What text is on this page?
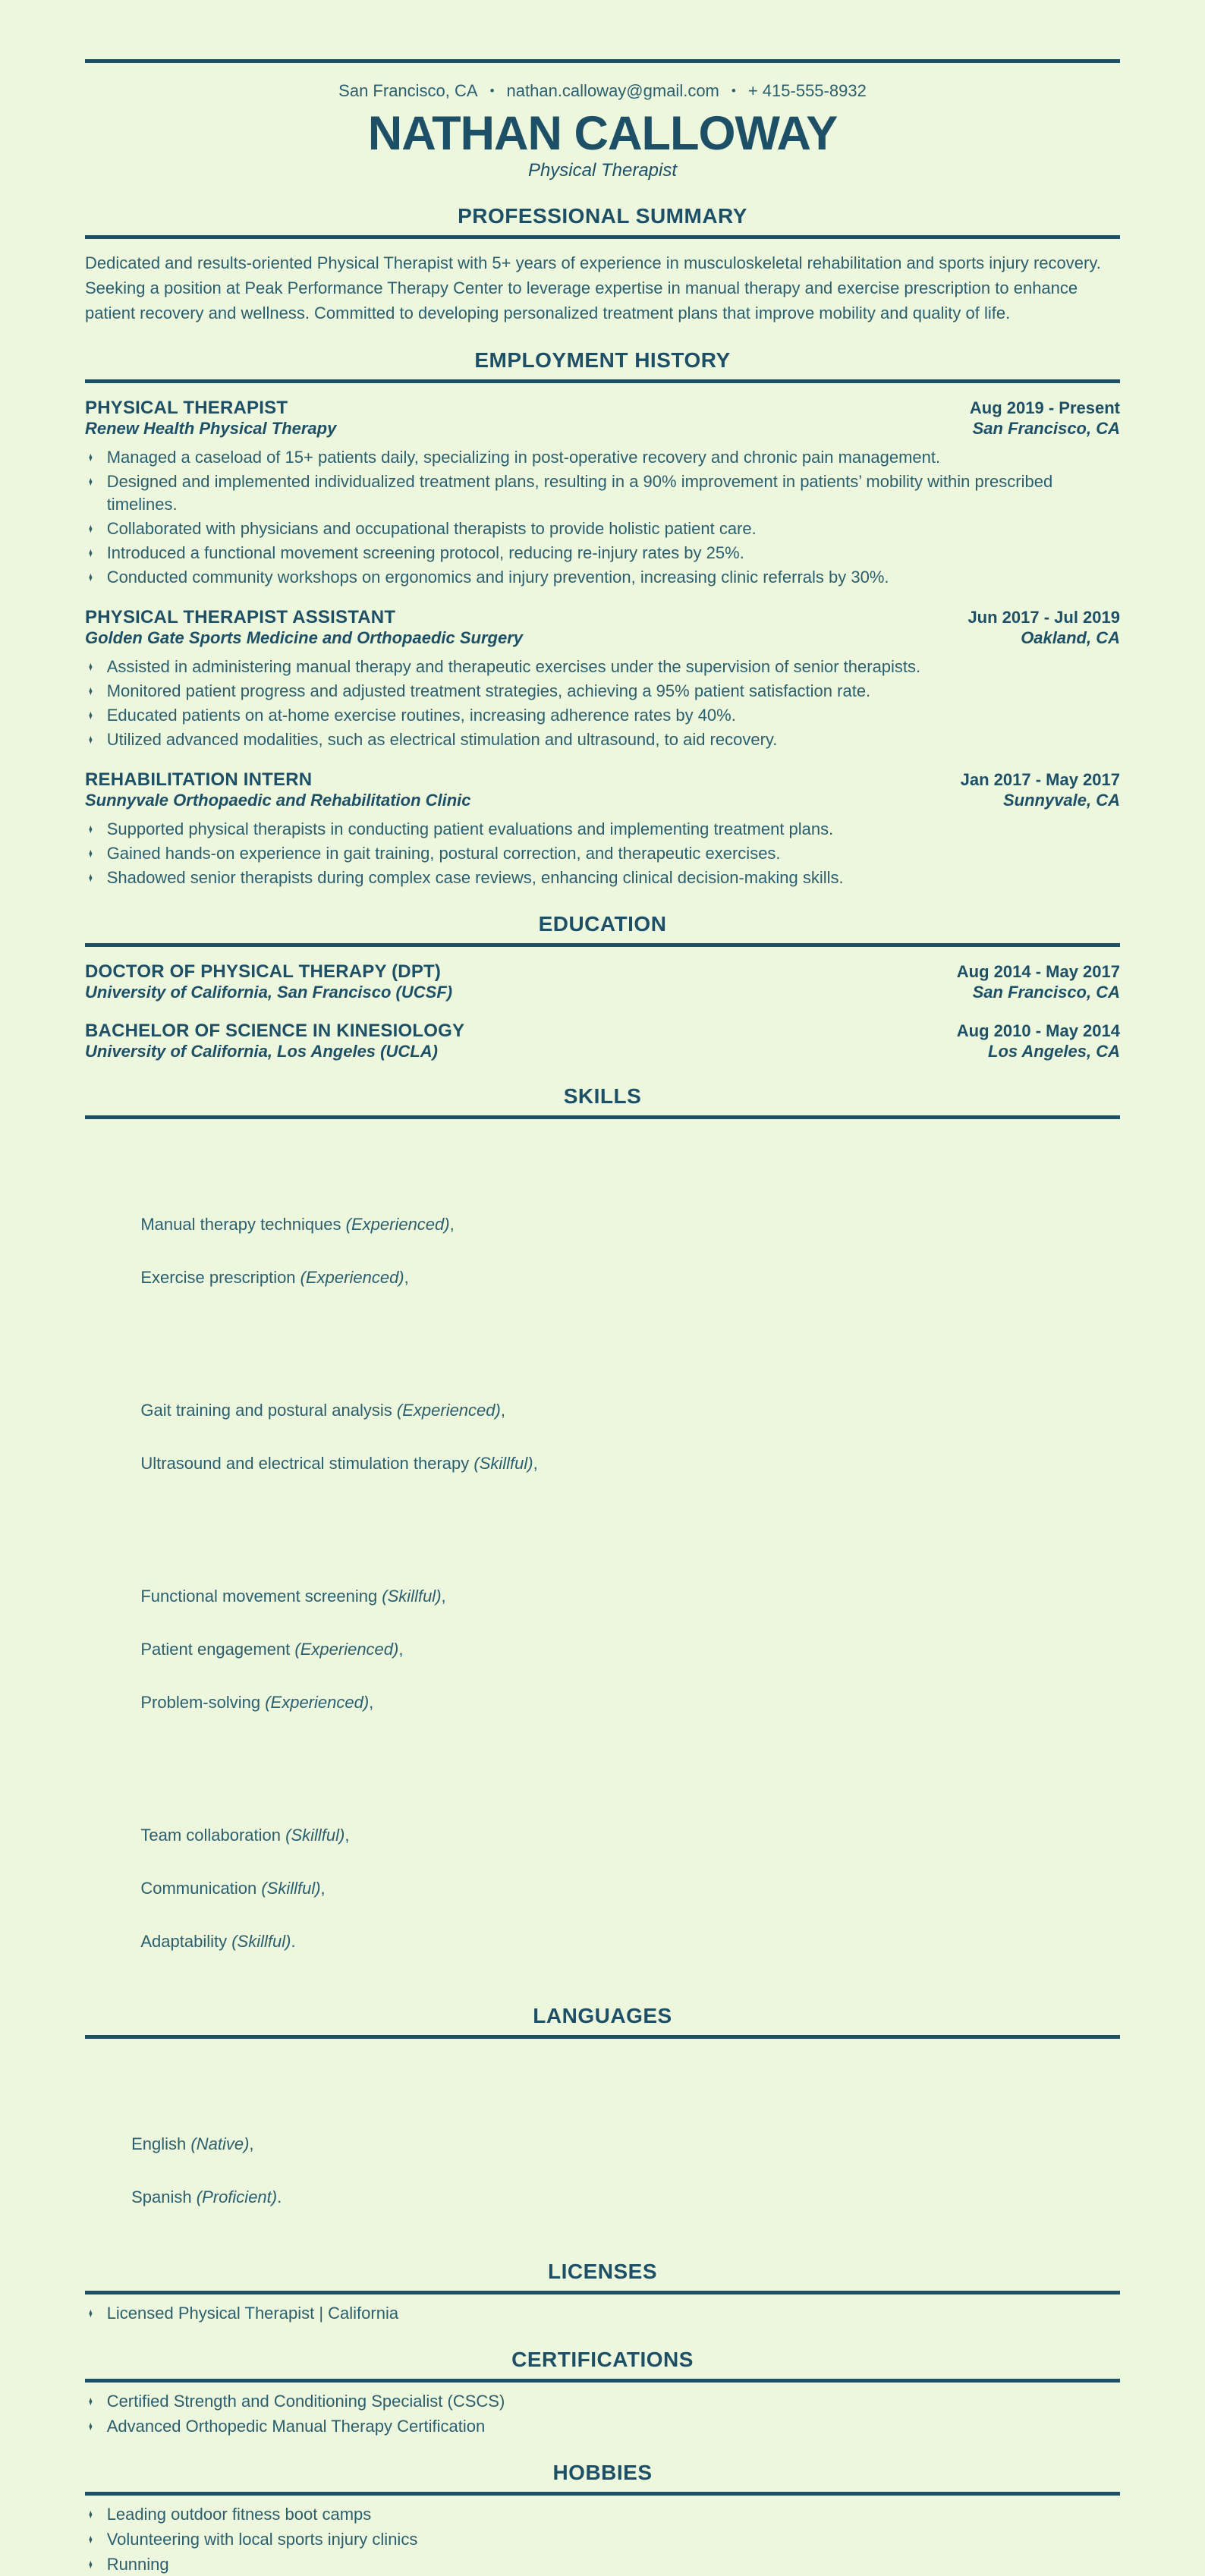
San Francisco, CA • nathan.calloway@gmail.com • + 415-555-8932
NATHAN CALLOWAY
Physical Therapist
PROFESSIONAL SUMMARY

Dedicated and results-oriented Physical Therapist with 5+ years of experience in musculoskeletal rehabilitation and sports injury recovery. Seeking a position at Peak Performance Therapy Center to leverage expertise in manual therapy and exercise prescription to enhance patient recovery and wellness. Committed to developing personalized treatment plans that improve mobility and quality of life.

EMPLOYMENT HISTORY
PHYSICAL THERAPIST	Aug 2019 - Present
Renew Health Physical Therapy	San Francisco, CA
♦ Managed a caseload of 15+ patients daily, specializing in post-operative recovery and chronic pain management.
♦ Designed and implemented individualized treatment plans, resulting in a 90% improvement in patients’ mobility within prescribed timelines.
♦ Collaborated with physicians and occupational therapists to provide holistic patient care.
♦ Introduced a functional movement screening protocol, reducing re-injury rates by 25%.
♦ Conducted community workshops on ergonomics and injury prevention, increasing clinic referrals by 30%.
PHYSICAL THERAPIST ASSISTANT	Jun 2017 - Jul 2019
Golden Gate Sports Medicine and Orthopaedic Surgery	Oakland, CA
♦ Assisted in administering manual therapy and therapeutic exercises under the supervision of senior therapists.
♦ Monitored patient progress and adjusted treatment strategies, achieving a 95% patient satisfaction rate.
♦ Educated patients on at-home exercise routines, increasing adherence rates by 40%.
♦ Utilized advanced modalities, such as electrical stimulation and ultrasound, to aid recovery.
REHABILITATION INTERN	Jan 2017 - May 2017
Sunnyvale Orthopaedic and Rehabilitation Clinic	Sunnyvale, CA
♦ Supported physical therapists in conducting patient evaluations and implementing treatment plans.
♦ Gained hands-on experience in gait training, postural correction, and therapeutic exercises.
♦ Shadowed senior therapists during complex case reviews, enhancing clinical decision-making skills.
EDUCATION
DOCTOR OF PHYSICAL THERAPY (DPT)	Aug 2014 - May 2017
University of California, San Francisco (UCSF)	San Francisco, CA
BACHELOR OF SCIENCE IN KINESIOLOGY	Aug 2010 - May 2014
University of California, Los Angeles (UCLA)	Los Angeles, CA
SKILLS

Manual therapy techniques (Experienced),

Exercise prescription (Experienced),

Gait training and postural analysis (Experienced),

Ultrasound and electrical stimulation therapy (Skillful),

Functional movement screening (Skillful),

Patient engagement (Experienced),

Problem-solving (Experienced),

Team collaboration (Skillful),

Communication (Skillful),

Adaptability (Skillful).

LANGUAGES

English (Native),

Spanish (Proficient).

LICENSES
♦ Licensed Physical Therapist | California
CERTIFICATIONS
♦ Certified Strength and Conditioning Specialist (CSCS)
♦ Advanced Orthopedic Manual Therapy Certification
HOBBIES
♦ Leading outdoor fitness boot camps
♦ Volunteering with local sports injury clinics
♦ Running
